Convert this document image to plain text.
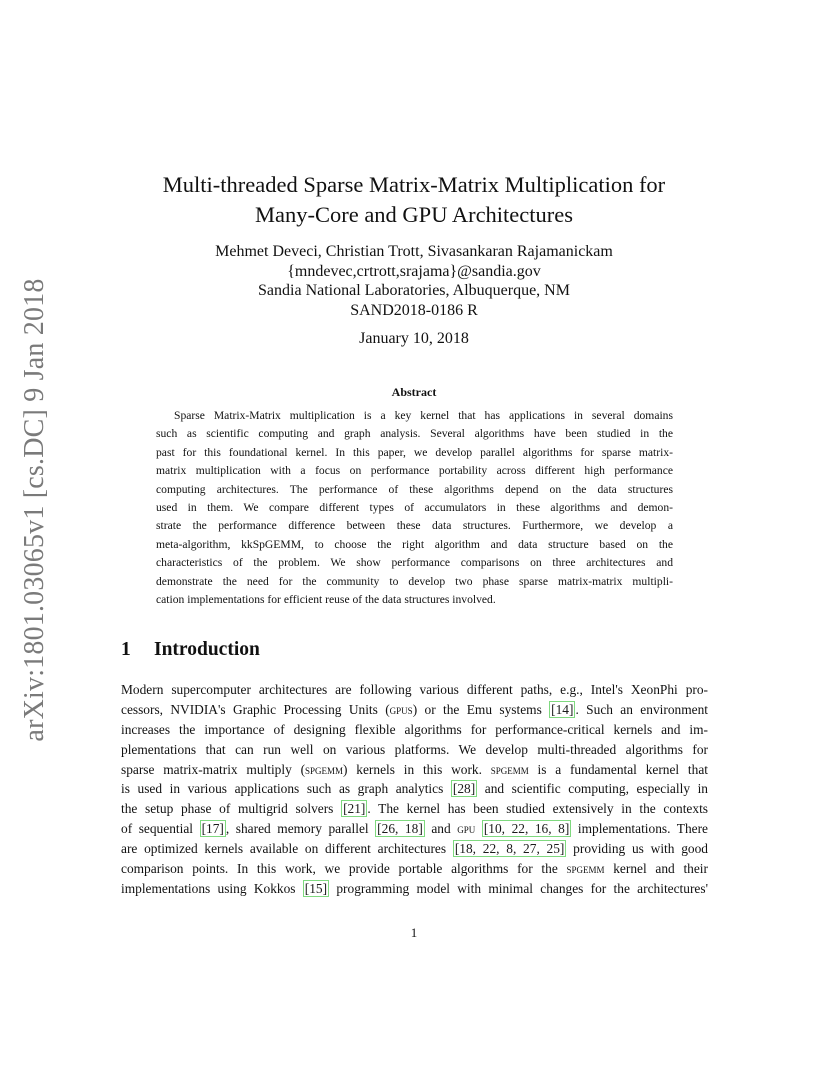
arXiv:1801.03065v1 [cs.DC] 9 Jan 2018
Multi-threaded Sparse Matrix-Matrix Multiplication for
Many-Core and GPU Architectures
Mehmet Deveci, Christian Trott, Sivasankaran Rajamanickam
{mndevec,crtrott,srajama}@sandia.gov
Sandia National Laboratories, Albuquerque, NM
SAND2018-0186 R
January 10, 2018
Abstract
Sparse Matrix-Matrix multiplication is a key kernel that has applications in several domains
such as scientific computing and graph analysis. Several algorithms have been studied in the
past for this foundational kernel. In this paper, we develop parallel algorithms for sparse matrix-
matrix multiplication with a focus on performance portability across different high performance
computing architectures. The performance of these algorithms depend on the data structures
used in them. We compare different types of accumulators in these algorithms and demon-
strate the performance difference between these data structures. Furthermore, we develop a
meta-algorithm, kkSpGEMM, to choose the right algorithm and data structure based on the
characteristics of the problem. We show performance comparisons on three architectures and
demonstrate the need for the community to develop two phase sparse matrix-matrix multipli-
cation implementations for efficient reuse of the data structures involved.
1 Introduction
Modern supercomputer architectures are following various different paths, e.g., Intel's XeonPhi pro-
cessors, NVIDIA's Graphic Processing Units (gpus) or the Emu systems [14] . Such an environment
increases the importance of designing flexible algorithms for performance-critical kernels and im-
plementations that can run well on various platforms. We develop multi-threaded algorithms for
sparse matrix-matrix multiply (spgemm) kernels in this work. spgemm is a fundamental kernel that
is used in various applications such as graph analytics [28] and scientific computing, especially in
the setup phase of multigrid solvers [21] . The kernel has been studied extensively in the contexts
of sequential [17] , shared memory parallel [26, 18] and gpu [10, 22, 16, 8] implementations. There
are optimized kernels available on different architectures [18, 22, 8, 27, 25] providing us with good
comparison points. In this work, we provide portable algorithms for the spgemm kernel and their
implementations using Kokkos [15] programming model with minimal changes for the architectures'
1
